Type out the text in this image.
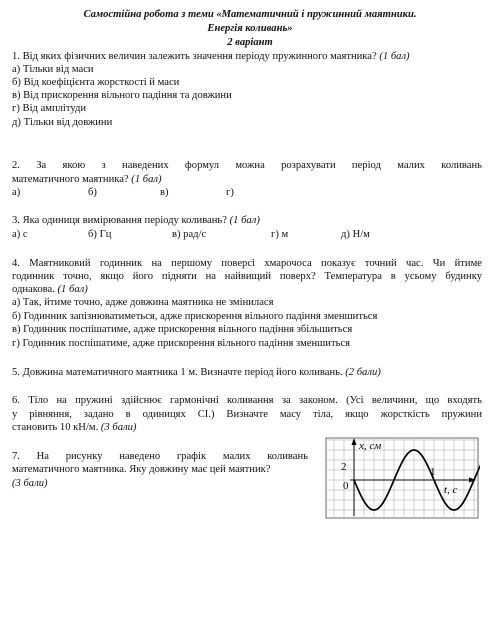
Самостійна робота з теми «Математичний і пружинний маятники.
Енергія коливань»
2 варіант
1. Від яких фізичних величин залежить значення періоду пружинного маятника? (1 бал)
а) Тільки від маси
б) Від коефіцієнта жорсткості й маси
в) Від прискорення вільного падіння та довжини
г) Від амплітуди
д) Тільки від довжини
2. За якою з наведених формул можна розрахувати період малих коливань
математичного маятника? (1 бал)
а)	б)	в)	г)
3. Яка одиниця вимірювання періоду коливань? (1 бал)
а) с	б) Гц	в) рад/с	г) м	д) Н/м
4. Маятниковий годинник на першому поверсі хмарочоса показує точний час. Чи йтиме
годинник точно, якщо його підняти на найвищий поверх? Температура в усьому будинку
однакова. (1 бал)
а) Так, йтиме точно, адже довжина маятника не змінилася
б) Годинник запізнюватиметься, адже прискорення вільного падіння зменшиться
в) Годинник поспішатиме, адже прискорення вільного падіння збільшиться
г) Годинник поспішатиме, адже прискорення вільного падіння зменшиться
5. Довжина математичного маятника 1 м. Визначте період його коливань. (2 бали)
6. Тіло на пружині здійснює гармонічні коливання за законом. (Усі величини, що входять
у рівняння, задано в одиницях СІ.) Визначте масу тіла, якщо жорсткість пружини
становить 10 кН/м. (3 бали)
7. На рисунку наведено графік малих коливань
математичного маятника. Яку довжину має цей маятник?
(3 бали)
x, см
t, с
2
0
1
